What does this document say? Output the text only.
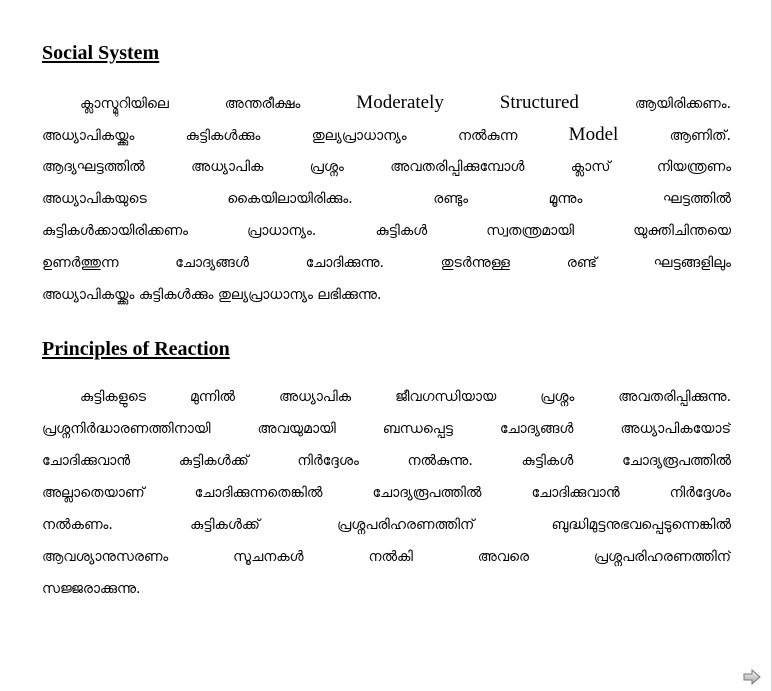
Social System
ക്ലാസ്മുറിയിലെ	അന്തരീക്ഷം	Moderately	Structured	ആയിരിക്കണം.
അധ്യാപികയ്ക്കും	കുട്ടികൾക്കും	തുല്യപ്രാധാന്യം	നൽകുന്ന	Model	ആണിത്.
ആദ്യഘട്ടത്തിൽ	അധ്യാപിക	പ്രശ്നം	അവതരിപ്പിക്കുമ്പോൾ	ക്ലാസ്	നിയന്ത്രണം
അധ്യാപികയുടെ	കൈയിലായിരിക്കും.	രണ്ടും	മൂന്നും	ഘട്ടത്തിൽ
കുട്ടികൾക്കായിരിക്കണം	പ്രാധാന്യം.	കുട്ടികൾ	സ്വതന്ത്രമായി	യുക്തിചിന്തയെ
ഉണർത്തുന്ന	ചോദ്യങ്ങൾ	ചോദിക്കുന്നു.	തുടർന്നുള്ള	രണ്ട്	ഘട്ടങ്ങളിലും
അധ്യാപികയ്ക്കും കുട്ടികൾക്കും തുല്യപ്രാധാന്യം ലഭിക്കുന്നു.
Principles of Reaction
കുട്ടികളുടെ	മുന്നിൽ	അധ്യാപിക	ജീവഗന്ധിയായ	പ്രശ്നം	അവതരിപ്പിക്കുന്നു.
പ്രശ്നനിർദ്ധാരണത്തിനായി	അവയുമായി	ബന്ധപ്പെട്ട	ചോദ്യങ്ങൾ	അധ്യാപികയോട്
ചോദിക്കുവാൻ	കുട്ടികൾക്ക്	നിർദ്ദേശം	നൽകുന്നു.	കുട്ടികൾ	ചോദ്യരൂപത്തിൽ
അല്ലാതെയാണ്	ചോദിക്കുന്നതെങ്കിൽ	ചോദ്യരൂപത്തിൽ	ചോദിക്കുവാൻ	നിർദ്ദേശം
നൽകണം.	കുട്ടികൾക്ക്	പ്രശ്നപരിഹരണത്തിന്	ബുദ്ധിമുട്ടനുഭവപ്പെടുന്നെങ്കിൽ
ആവശ്യാനുസരണം	സൂചനകൾ	നൽകി	അവരെ	പ്രശ്നപരിഹരണത്തിന്
സജ്ജരാക്കുന്നു.
